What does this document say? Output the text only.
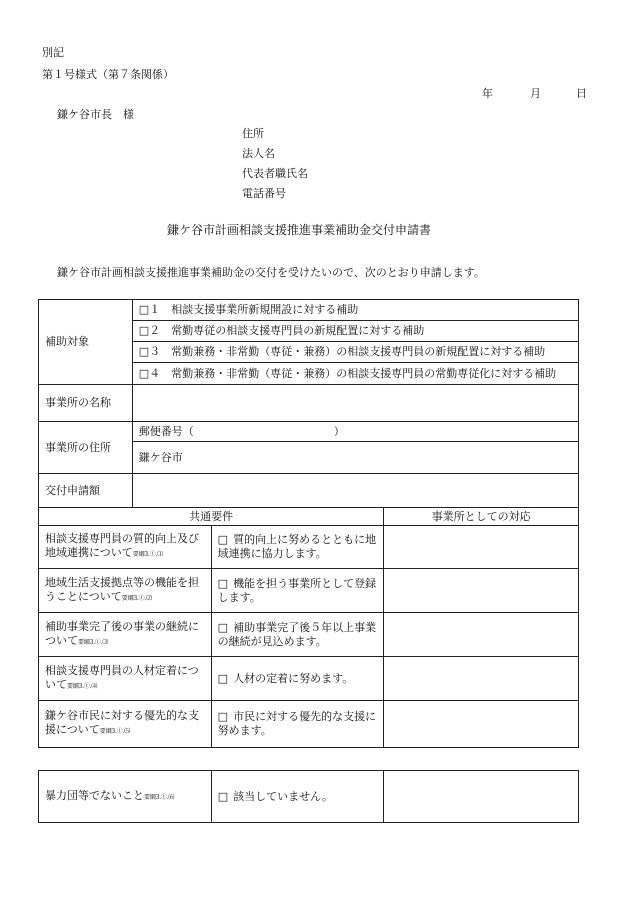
別記
第１号様式（第７条関係）
年	月	日
鎌ケ谷市長　様
住所
法人名
代表者職氏名
電話番号
鎌ケ谷市計画相談支援推進事業補助金交付申請書
鎌ケ谷市計画相談支援推進事業補助金の交付を受けたいので、次のとおり申請します。
補助対象	□１　相談支援事業所新規開設に対する補助		
	□２　常勤専従の相談支援専門員の新規配置に対する補助		
	□３　常勤兼務・非常勤（専従・兼務）の相談支援専門員の新規配置に対する補助		
	□４　常勤兼務・非常勤（専従・兼務）の相談支援専門員の常勤専従化に対する補助		
事業所の名称			
事業所の住所	郵便番号（ ）		
	鎌ケ谷市		
交付申請額			
共通要件			事業所としての対応
相談支援専門員の質的向上及び地域連携について要綱3.①.⑴		□ 質的向上に努めるとともに地域連携に協力します。	
地域生活支援拠点等の機能を担うことについて要綱3.①.⑵		□ 機能を担う事業所として登録します。	
補助事業完了後の事業の継続について要綱3.①.⑶		□ 補助事業完了後５年以上事業の継続が見込めます。	
相談支援専門員の人材定着について要綱3.①.⑷		□ 人材の定着に努めます。	
鎌ケ谷市民に対する優先的な支援について要綱3.①.⑸		□ 市民に対する優先的な支援に努めます。	
暴力団等でないこと要綱3.①.⑹	□ 該当していません。	
